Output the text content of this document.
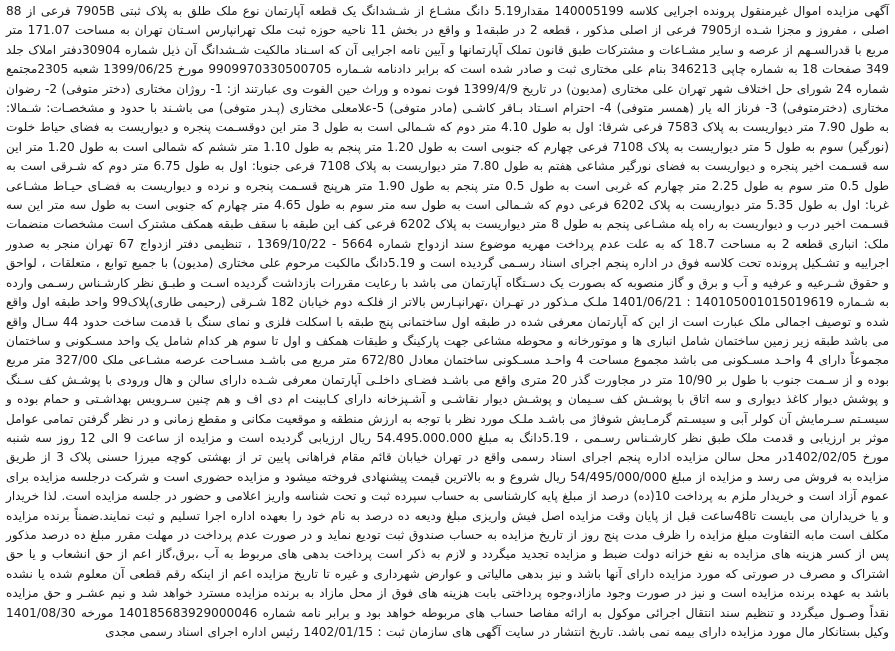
آگهی مزایده اموال غیرمنقول پرونده اجرایی کلاسه 140005199 مقدار5.19 دانگ مشـاع از شـشدانگ یک قطعه آپارتمان نوع ملک طلق به پلاک ثبتی 7905B فرعی از 88 اصلی ، مفروز و مجزا شـده از7905 فرعی از اصلی مذکور ، قطعه 2 در طبقه1 و واقع در بخش 11 ناحیه حوزه ثبت ملک تهرانپارس اسـتان تهران به مساحت 171.07 متر مربع با قدرالسـهم از عرصه و سایر مشـاعات و مشترکات طبق قانون تملک آپارتمانها و آیین نامه اجرایی آن که اسـناد مالکیت شـشدانگ آن ذیل شماره 30904دفتر املاک جلد 349 صفحات 18 به شماره چاپی 346213 بنام علی مختاری ثبت و صادر شده است که برابر دادنامه شـماره 9909970330500705 مورخ 1399/06/25 شعبه 2305مجتمع شماره 24 شورای حل اختلاف شهر تهران علی مختاری (مدیون) در تاریخ 1399/4/9 فوت نموده و وراث حین الفوت وی عبارتند از: 1- روژان مختاری (دختر متوفی) 2- رضوان مختاری (دخترمتوفی) 3- فرناز اله یار (همسر متوفی) 4- احترام اسـتاد بـاقر کاشـی (مادر متوفی) 5-علامعلی مختاری (پـدر متوفی) می باشـند با حدود و مشخصـات: شـمالا: به طول 7.90 متر دیواریست به پلاک 7583 فرعی شرقا: اول به طول 4.10 متر دوم که شـمالی است به طول 3 متر این دوقسـمت پنجره و دیواریست به فضای حیاط خلوت (نورگیر) سوم به طول 5 متر دیواریست به پلاک 7108 فرعی چهارم که جنوبی است به طول 1.20 متر پنجم به طول 1.10 متر ششم که شمالی است به طول 1.20 متر این سه قسـمت اخیر پنجره و دیواریست به فضای نورگیر مشاعی هفتم به طول 7.80 متر دیواریست به پلاک 7108 فرعی جنوبا: اول به طول 6.75 متر دوم که شـرقی است به طول 0.5 متر سوم به طول 2.25 متر چهارم که غربی است به طول 0.5 متر پنجم به طول 1.90 متر هرپنج قسـمت پنجره و نرده و دیواریست به فضـای حیـاط مشـاعی غربا: اول به طول 5.35 متر دیواریست به پلاک 6202 فرعی دوم که شـمالی است به طول سه متر سوم به طول 4.65 متر چهارم که جنوبی است به طول سه متر این سه قسـمت اخیر درب و دیواریست به راه پله مشـاعی پنجم به طول 8 متر دیواریست به پلاک 6202 فرعی کف این طبقه با سقف طبقه همکف مشترک است مشخصات منضمات ملک: انباری قطعه 2 به مساحت 18.7 که به علت عدم پرداخت مهریه موضوع سند ازدواج شماره 5664 - 1369/10/22 ، تنظیمی دفتر ازدواج 67 تهران منجر به صدور اجراییه و تشـکیل پرونده تحت کلاسه فوق در اداره پنجم اجرای اسناد رسـمی گردیده است و 5.19دانگ مالکیت مرحوم علی مختاری (مدیون) با جمیع توابع ، متعلقات ، لواحق و حقوق شـرعیه و عرفیه و آب و برق و گاز منصوبه که بصورت یک دسـتگاه آپارتمان می باشد با رعایت مقررات بازداشت گردیده اسـت و طبـق نظر کارشـناس رسـمی وارده به شـماره 140105001015019619 : 1401/06/21 ملـک مـذکور در تهـران ،تهرانپـارس بالاتر از فلکـه دوم خیابان 182 شـرقی (رحیمی طاری)پلاک99 واحد طبقه اول واقع شده و توصیف اجمالی ملک عبارت است از این که آپارتمان معرفی شده در طبقه اول ساختمانی پنج طبقه با اسکلت فلزی و نمای سنگ با قدمت ساخت حدود 44 سـال واقع می باشد طبقه زیر زمین ساختمان شامل انباری ها و موتورخانه و محوطه مشاعی جهت پارکینگ و طبقات همکف و اول تا سوم هر کدام شامل یک واحد مسـکونی و ساختمان مجموعاً دارای 4 واحـد مسـکونی می باشد مجموع مساحت 4 واحـد مسـکونی ساختمان معادل 672/80 متر مربع می باشـد مسـاحت عرصه مشـاعی ملک 327/00 متر مربع بوده و از سـمت جنوب با طول بر 10/90 متر در مجاورت گذر 20 متری واقع می باشـد فضـای داخلـی آپارتمان معرفی شـده دارای سالن و هال ورودی با پوشـش کف سـنگ و پوشش دیوار کاغذ دیواری و سه اتاق با پوشـش کف سـیمان و پوشـش دیوار نقاشـی و آشـپزخانه دارای کـابینت ام دی اف و هم چنین سـرویس بهداشـتی و حمام بوده و سیسـتم سـرمایش آن کولر آبی و سیسـتم گرمـایش شوفاژ می باشـد ملـک مورد نظر با توجه به ارزش منطقه و موقعیت مکانی و مقطع زمانی و در نظر گرفتن تمامی عوامل موثر بر ارزیابی و قدمت ملک طبق نظر کارشـناس رسـمی ، 5.19دانگ به مبلغ 54.495.000.000 ریال ارزیابی گردیده است و مزایده از ساعت 9 الی 12 روز سه شنبه مورخ 1402/02/05در محل سالن مزایده اداره پنجم اجرای اسناد رسمی واقع در تهران خیابان قائم مقام فراهانی پایین تر از بهشتی کوچه میرزا حسنی پلاک 3 از طریق مزایده به فروش می رسد و مزایده از مبلغ 54/495/000/000 ریال شروع و به بالاترین قیمت پیشنهادی فروخته میشود و مزایده حضوری است و شرکت درجلسه مزایده برای عموم آزاد است و خریدار ملزم به پرداخت 10(ده) درصد از مبلغ پایه کارشناسی به حساب سپرده ثبت و تحت شناسه واریز اعلامی و حضور در جلسه مزایده است. لذا خریدار و یا خریداران می بایست تا48ساعت قبل از پایان وقت مزایده اصل فیش واریزی مبلغ ودیعه ده درصد به نام خود را بعهده اداره اجرا تسلیم و ثبت نمایند.ضمناً برنده مزایده مکلف است مابه التفاوت مبلغ مزایده را ظرف مدت پنج روز از تاریخ مزایده به حساب صندوق ثبت تودیع نماید و در صورت عدم پرداخت در مهلت مقرر مبلغ ده درصد مذکور پس از کسر هزینه های مزایده به نفع خزانه دولت ضبط و مزایده تجدید میگردد و لازم به ذکر است پرداخت بدهی های مربوط به آب ،برق،گاز اعم از حق انشعاب و یا حق اشتراک و مصرف در صورتی که مورد مزایده دارای آنها باشد و نیز بدهی مالیاتی و عوارض شهرداری و غیره تا تاریخ مزایده اعم از اینکه رقم قطعی آن معلوم شده یا نشده باشد به عهده برنده مزایده است و نیز در صورت وجود مازاد،وجوه پرداختی بابت هزینه های فوق از محل مازاد به برنده مزایده مسترد خواهد شد و نیم عشـر و حق مزایده نقداً وصـول میگردد و تنظیم سند انتقال اجرائی موکول به ارائه مفاصا حساب های مربوطه خواهد بود و برابر نامه شماره 140185683929000046 مورخه 1401/08/30 وکیل بستانکار مال مورد مزایده دارای بیمه نمی باشد. تاریخ انتشار در سایت آگهی های سازمان ثبت : 1402/01/15 رئیس اداره اجرای اسناد رسمی مجدی
